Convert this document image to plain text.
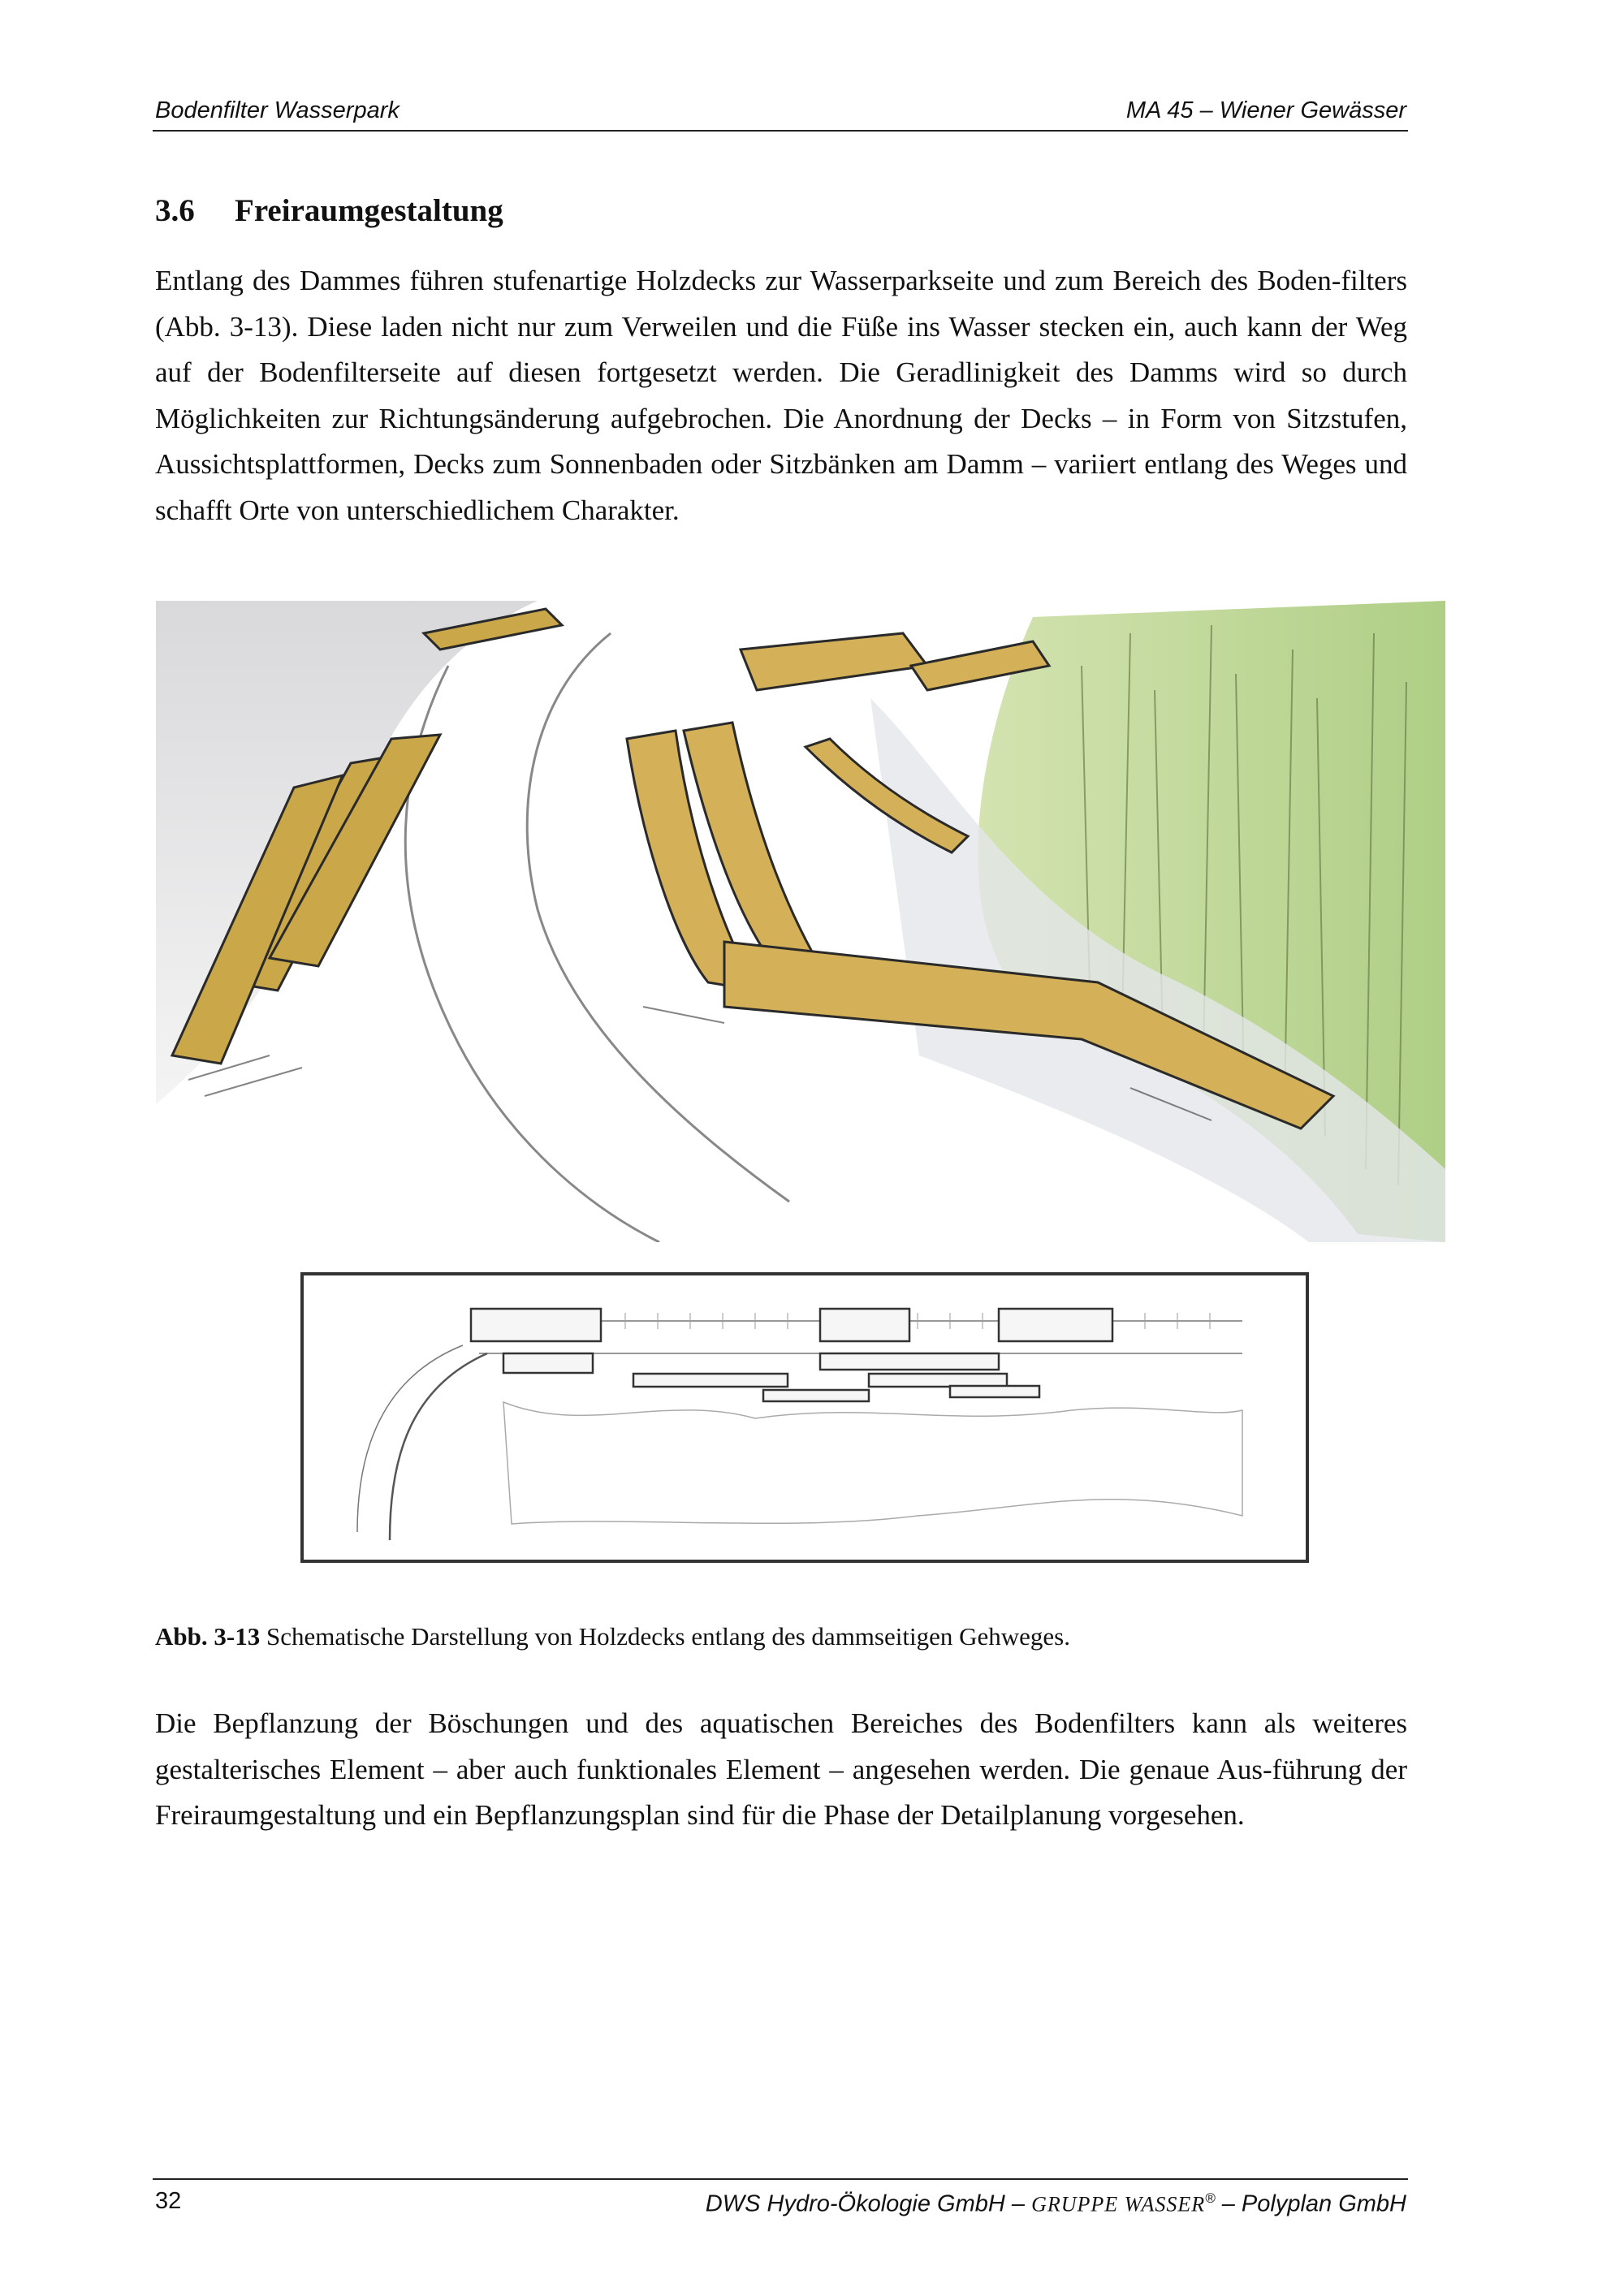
Bodenfilter Wasserpark	MA 45 – Wiener Gewässer
3.6 Freiraumgestaltung
Entlang des Dammes führen stufenartige Holzdecks zur Wasserparkseite und zum Bereich des Boden-filters (Abb. 3-13). Diese laden nicht nur zum Verweilen und die Füße ins Wasser stecken ein, auch kann der Weg auf der Bodenfilterseite auf diesen fortgesetzt werden. Die Geradlinigkeit des Damms wird so durch Möglichkeiten zur Richtungsänderung aufgebrochen. Die Anordnung der Decks – in Form von Sitzstufen, Aussichtsplattformen, Decks zum Sonnenbaden oder Sitzbänken am Damm – variiert entlang des Weges und schafft Orte von unterschiedlichem Charakter.
Abb. 3-13 Schematische Darstellung von Holzdecks entlang des dammseitigen Gehweges.
Die Bepflanzung der Böschungen und des aquatischen Bereiches des Bodenfilters kann als weiteres gestalterisches Element – aber auch funktionales Element – angesehen werden. Die genaue Aus-führung der Freiraumgestaltung und ein Bepflanzungsplan sind für die Phase der Detailplanung vorgesehen.
32	DWS Hydro-Ökologie GmbH – GRUPPE WASSER® – Polyplan GmbH
